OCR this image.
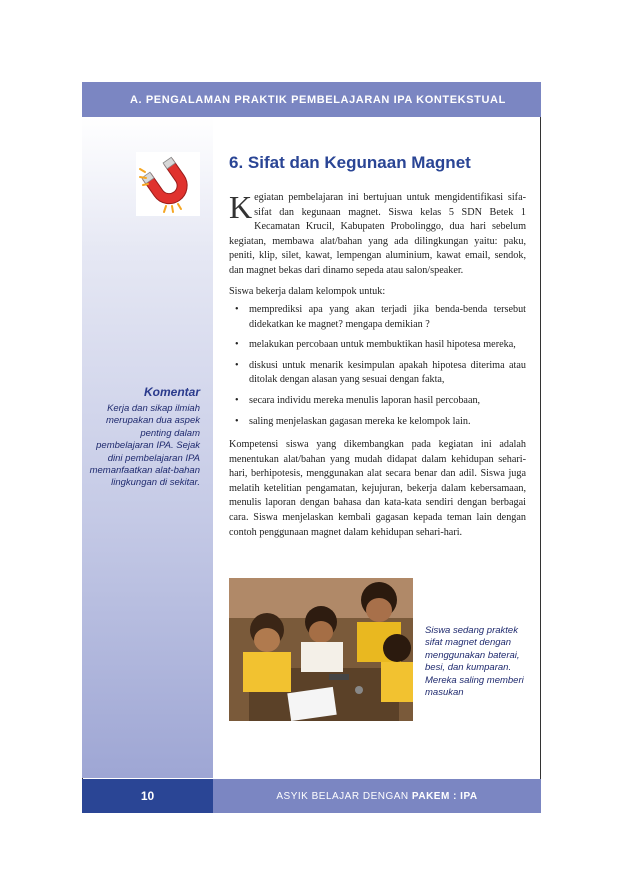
A. PENGALAMAN PRAKTIK PEMBELAJARAN IPA KONTEKSTUAL
6. Sifat dan Kegunaan Magnet
Kegiatan pembelajaran ini bertujuan untuk mengidentifikasi sifa-sifat dan kegunaan magnet. Siswa kelas 5 SDN Betek 1 Kecamatan Krucil, Kabupaten Probolinggo, dua hari sebelum kegiatan, membawa alat/bahan yang ada dilingkungan yaitu: paku, peniti, klip, silet, kawat, lempengan aluminium, kawat email, sendok, dan magnet bekas dari dinamo sepeda atau salon/speaker.
Siswa bekerja dalam kelompok untuk:
• memprediksi apa yang akan terjadi jika benda-benda tersebut didekatkan ke magnet? mengapa demikian ?
• melakukan percobaan untuk membuktikan hasil hipotesa mereka,
• diskusi untuk menarik kesimpulan apakah hipotesa diterima atau ditolak dengan alasan yang sesuai dengan fakta,
• secara individu mereka menulis laporan hasil percobaan,
• saling menjelaskan gagasan mereka ke kelompok lain.
Kompetensi siswa yang dikembangkan pada kegiatan ini adalah menentukan alat/bahan yang mudah didapat dalam kehidupan sehari-hari, berhipotesis, menggunakan alat secara benar dan adil. Siswa juga melatih ketelitian pengamatan, kejujuran, bekerja dalam kebersamaan, menulis laporan dengan bahasa dan kata-kata sendiri dengan berbagai cara. Siswa menjelaskan kembali gagasan kepada teman lain dengan contoh penggunaan magnet dalam kehidupan sehari-hari.
Komentar
Kerja dan sikap ilmiah merupakan dua aspek penting dalam pembelajaran IPA. Sejak dini pembelajaran IPA memanfaatkan alat-bahan lingkungan di sekitar.
Siswa sedang praktek sifat magnet dengan menggunakan baterai, besi, dan kumparan. Mereka saling memberi masukan
10	ASYIK BELAJAR DENGAN PAKEM : IPA
